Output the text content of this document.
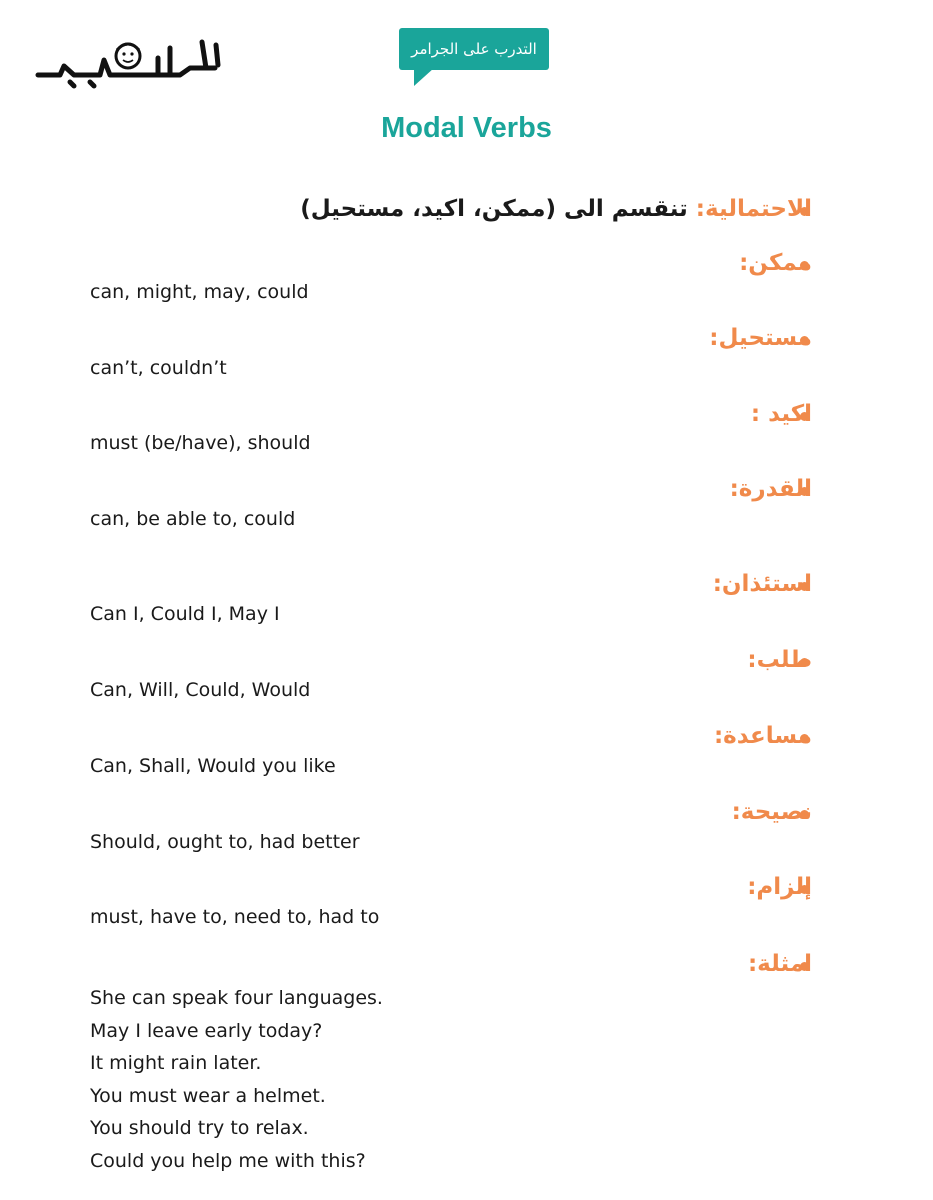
التدرب على الجرامر
Modal Verbs
الاحتمالية: تنقسم الى (ممكن، اكيد، مستحيل)
ممكن:
can, might, may, could
مستحيل:
can’t, couldn’t
اكيد :
must (be/have), should
القدرة:
can, be able to, could
استئذان:
Can I, Could I, May I
طلب:
Can, Will, Could, Would
مساعدة:
Can, Shall, Would you like
نصيحة:
Should, ought to, had better
إلزام:
must, have to, need to, had to
امثلة:
She can speak four languages.
May I leave early today?
It might rain later.
You must wear a helmet.
You should try to relax.
Could you help me with this?
